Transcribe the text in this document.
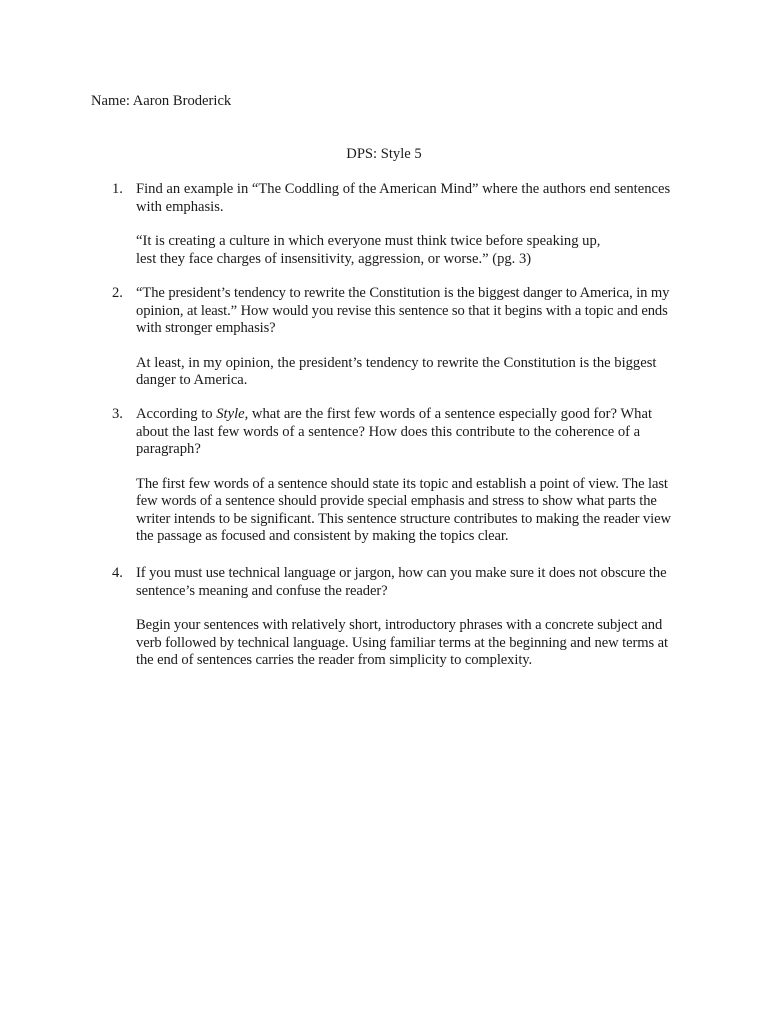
Name: Aaron Broderick
DPS: Style 5
1. Find an example in “The Coddling of the American Mind” where the authors end sentences with emphasis.

“It is creating a culture in which everyone must think twice before speaking up,
lest they face charges of insensitivity, aggression, or worse.” (pg. 3)
2. “The president’s tendency to rewrite the Constitution is the biggest danger to America, in my opinion, at least.” How would you revise this sentence so that it begins with a topic and ends with stronger emphasis?

At least, in my opinion, the president’s tendency to rewrite the Constitution is the biggest danger to America.

3. According to Style, what are the first few words of a sentence especially good for? What about the last few words of a sentence? How does this contribute to the coherence of a paragraph?

The first few words of a sentence should state its topic and establish a point of view. The last few words of a sentence should provide special emphasis and stress to show what parts the writer intends to be significant. This sentence structure contributes to making the reader view the passage as focused and consistent by making the topics clear.

4. If you must use technical language or jargon, how can you make sure it does not obscure the sentence’s meaning and confuse the reader?

Begin your sentences with relatively short, introductory phrases with a concrete subject and verb followed by technical language. Using familiar terms at the beginning and new terms at the end of sentences carries the reader from simplicity to complexity.
